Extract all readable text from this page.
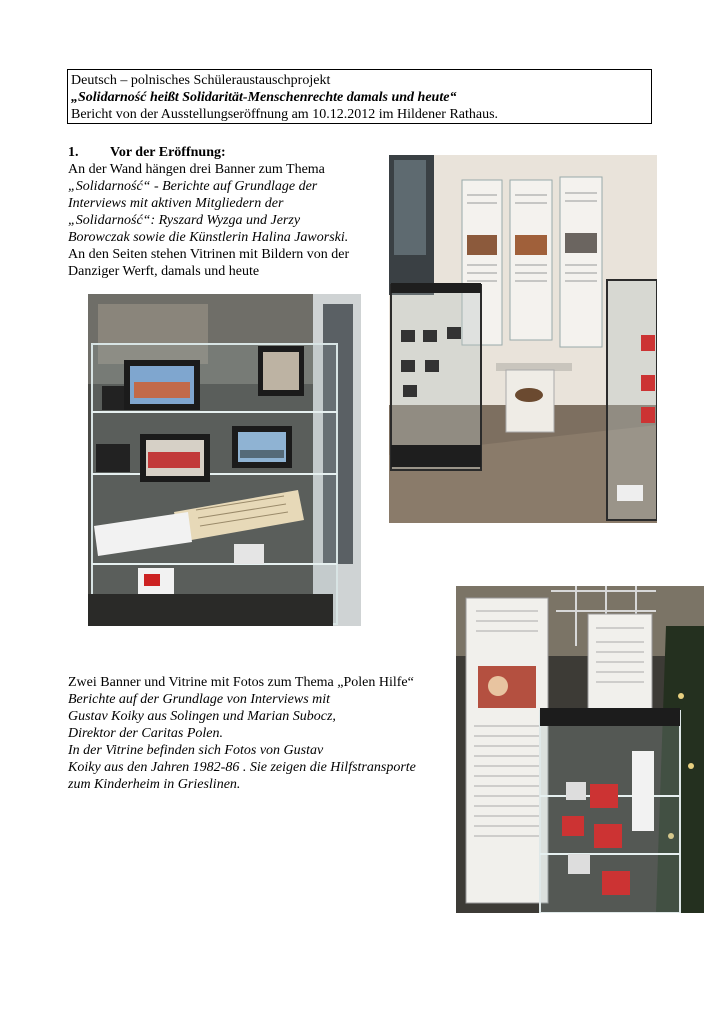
Deutsch – polnisches Schüleraustauschprojekt
„Solidarność heißt Solidarität-Menschenrechte damals und heute“
Bericht von der Ausstellungseröffnung am 10.12.2012 im Hildener Rathaus.
1. Vor der Eröffnung:
An der Wand hängen drei Banner zum Thema
„Solidarność“ - Berichte auf Grundlage der
Interviews mit aktiven Mitgliedern der
„Solidarność“: Ryszard Wyzga und Jerzy
Borowczak sowie die Künstlerin Halina Jaworski.
An den Seiten stehen Vitrinen mit Bildern von der
Danziger Werft, damals und heute
Zwei Banner und Vitrine mit Fotos zum Thema „Polen Hilfe“
Berichte auf der Grundlage von Interviews mit
Gustav Koiky aus Solingen und Marian Subocz,
Direktor der Caritas Polen.
In der Vitrine befinden sich Fotos von Gustav
Koiky aus den Jahren 1982-86 . Sie zeigen die Hilfstransporte
zum Kinderheim in Grieslinen.
